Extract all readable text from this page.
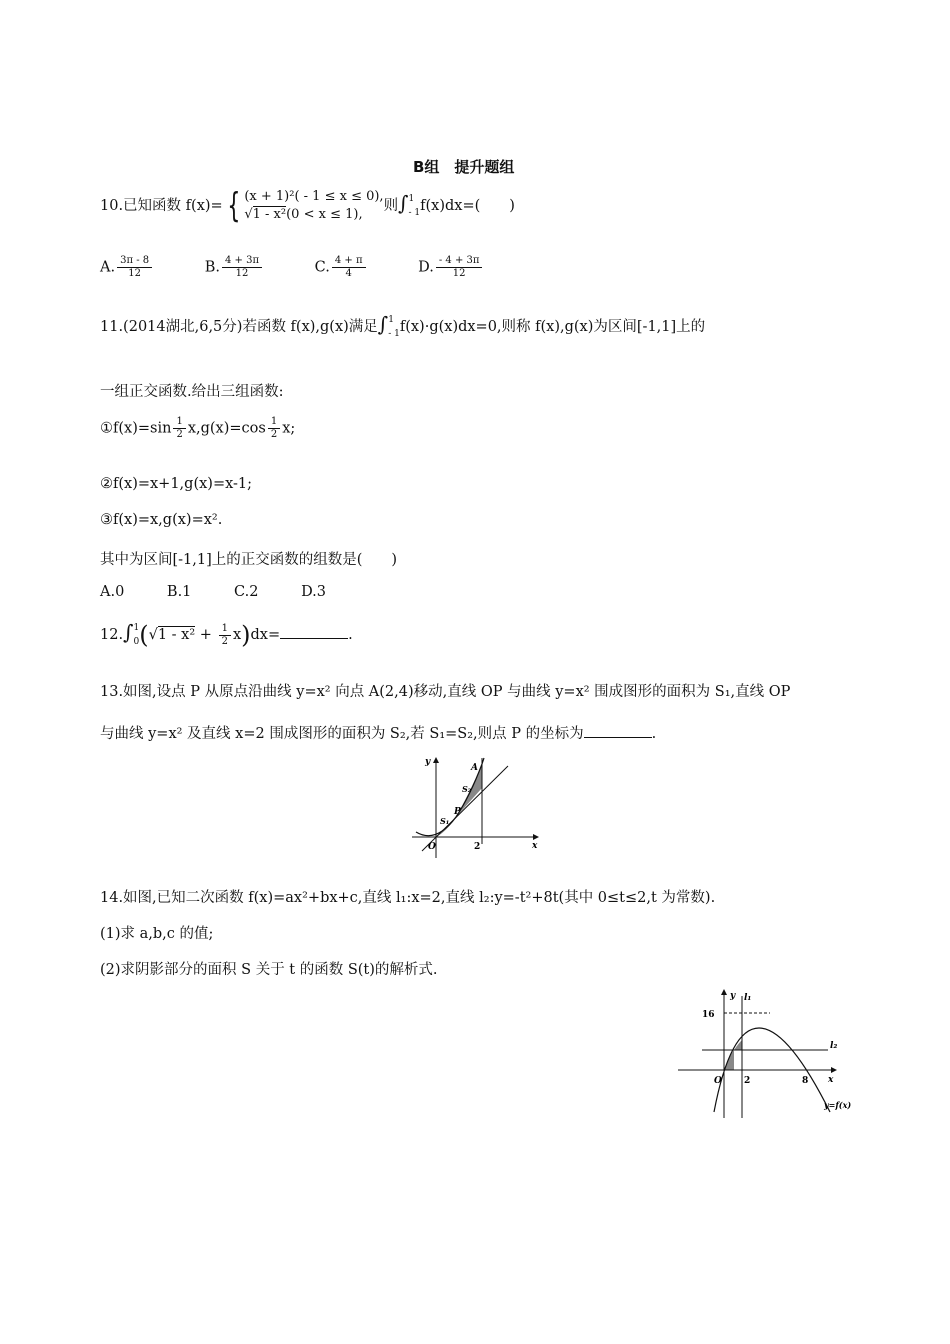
B组　提升题组
10.已知函数 f(x)= { (x + 1)²( - 1 ≤ x ≤ 0),
√1 - x²(0 < x ≤ 1),
则∫ 1
- 1 f(x)dx=(　　)
A. $\frac{3\pi - 8}{12}$	B. $\frac{4 + 3\pi}{12}$	C. $\frac{4 + \pi}{4}$	D. $\frac{- 4 + 3\pi}{12}$
11.(2014湖北,6,5分)若函数 f(x),g(x)满足∫ 1
- 1 f(x)·g(x)dx=0,则称 f(x),g(x)为区间[-1,1]上的
一组正交函数.给出三组函数:
①f(x)=sin $\frac{1}{2} x,g(x)=\cos \frac{1}{2} x$;
②f(x)=x+1,g(x)=x-1;
③f(x)=x,g(x)=x².
其中为区间[-1,1]上的正交函数的组数是(　　)
A.0	B.1	C.2	D.3
12.∫ 1
0 $(√1 - x^2 + \frac{1}{2} x)dx=$	.
13.如图,设点 P 从原点沿曲线 y=x² 向点 A(2,4)移动,直线 OP 与曲线 y=x² 围成图形的面积为 S₁,直线 OP
与曲线 y=x² 及直线 x=2 围成图形的面积为 S₂,若 S₁=S₂,则点 P 的坐标为	.
y
x
O	2
A
P
S₁
S₂
14.如图,已知二次函数 f(x)=ax²+bx+c,直线 l₁:x=2,直线 l₂:y=-t²+8t(其中 0≤t≤2,t 为常数).
(1)求 a,b,c 的值;
(2)求阴影部分的面积 S 关于 t 的函数 S(t)的解析式.
16
y l₁
l₂
O 2	8 x
y=f(x)
